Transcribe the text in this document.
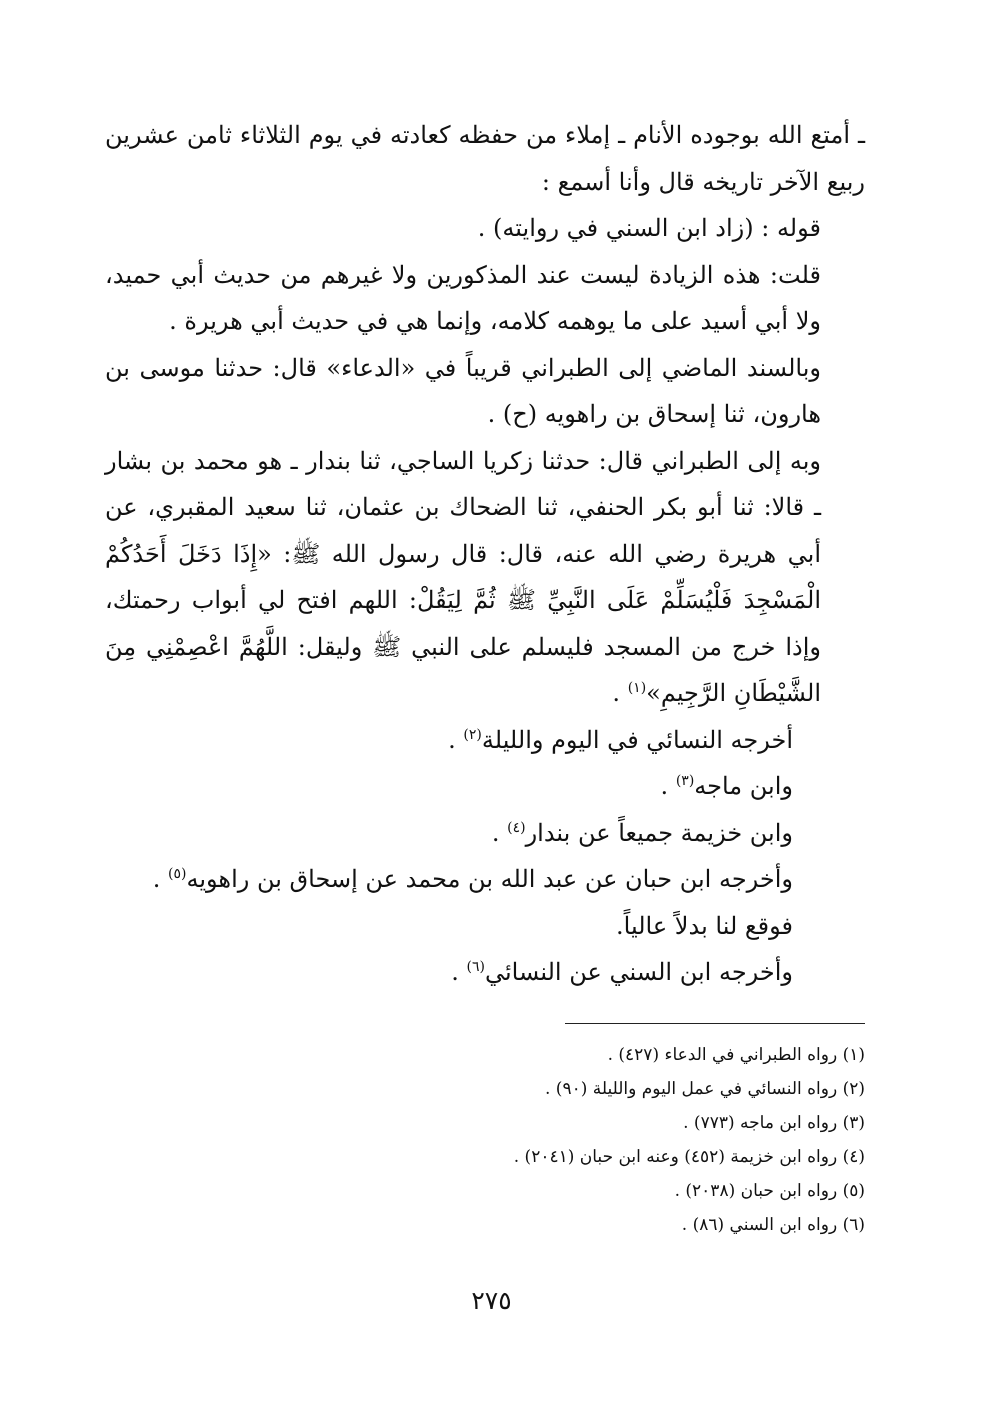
ـ أمتع الله بوجوده الأنام ـ إملاء من حفظه كعادته في يوم الثلاثاء ثامن عشرين ربيع الآخر تاريخه قال وأنا أسمع :

قوله : (زاد ابن السني في روايته) .

قلت: هذه الزيادة ليست عند المذكورين ولا غيرهم من حديث أبي حميد، ولا أبي أسيد على ما يوهمه كلامه، وإنما هي في حديث أبي هريرة .

وبالسند الماضي إلى الطبراني قريباً في «الدعاء» قال: حدثنا موسى بن هارون، ثنا إسحاق بن راهويه (ح) .

وبه إلى الطبراني قال: حدثنا زكريا الساجي، ثنا بندار ـ هو محمد بن بشار ـ قالا: ثنا أبو بكر الحنفي، ثنا الضحاك بن عثمان، ثنا سعيد المقبري، عن أبي هريرة رضي الله عنه، قال: قال رسول الله ﷺ: «إِذَا دَخَلَ أَحَدُكُمْ الْمَسْجِدَ فَلْيُسَلِّمْ عَلَى النَّبِيِّ ﷺ ثُمَّ لِيَقُلْ: اللهم افتح لي أبواب رحمتك، وإذا خرج من المسجد فليسلم على النبي ﷺ وليقل: اللَّهُمَّ اعْصِمْنِي مِنَ الشَّيْطَانِ الرَّجِيمِ»$^{(١)}$ .

أخرجه النسائي في اليوم والليلة$^{(٢)}$ .

وابن ماجه$^{(٣)}$ .

وابن خزيمة جميعاً عن بندار$^{(٤)}$ .

وأخرجه ابن حبان عن عبد الله بن محمد عن إسحاق بن راهويه$^{(٥)}$ .

فوقع لنا بدلاً عالياً.

وأخرجه ابن السني عن النسائي$^{(٦)}$ .

(١) رواه الطبراني في الدعاء (٤٢٧) .

(٢) رواه النسائي في عمل اليوم والليلة (٩٠) .

(٣) رواه ابن ماجه (٧٧٣) .

(٤) رواه ابن خزيمة (٤٥٢) وعنه ابن حبان (٢٠٤١) .

(٥) رواه ابن حبان (٢٠٣٨) .

(٦) رواه ابن السني (٨٦) .

٢٧٥
